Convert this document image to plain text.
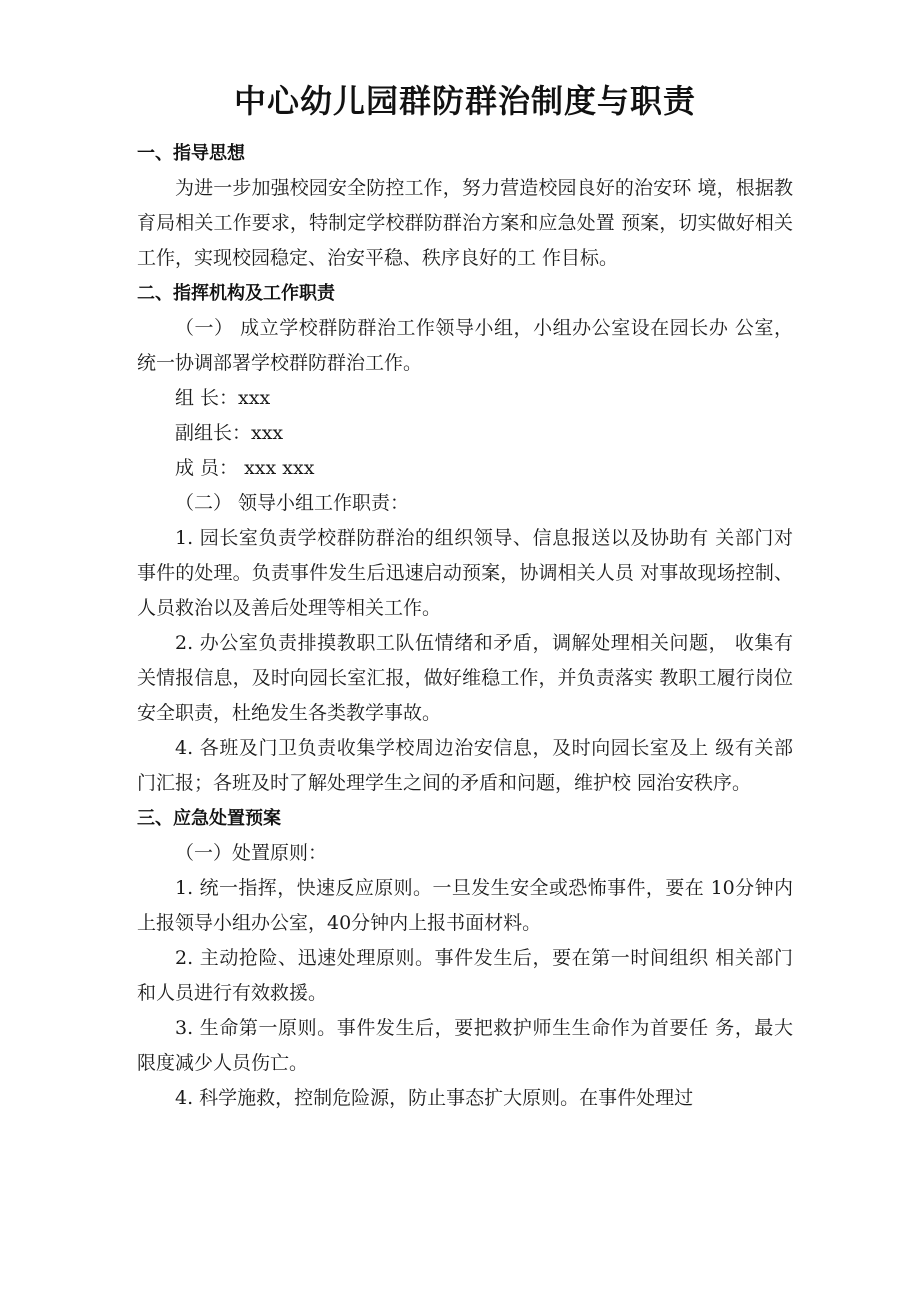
中心幼儿园群防群治制度与职责
一、指导思想

为进一步加强校园安全防控工作，努力营造校园良好的治安环 境，根据教育局相关工作要求，特制定学校群防群治方案和应急处置 预案，切实做好相关工作，实现校园稳定、治安平稳、秩序良好的工 作目标。

二、指挥机构及工作职责

（一） 成立学校群防群治工作领导小组，小组办公室设在园长办 公室，统一协调部署学校群防群治工作。

组 长：xxx

副组长：xxx

成 员： xxx xxx

（二） 领导小组工作职责：

1. 园长室负责学校群防群治的组织领导、信息报送以及协助有 关部门对事件的处理。负责事件发生后迅速启动预案，协调相关人员 对事故现场控制、人员救治以及善后处理等相关工作。

2. 办公室负责排摸教职工队伍情绪和矛盾，调解处理相关问题， 收集有关情报信息，及时向园长室汇报，做好维稳工作，并负责落实 教职工履行岗位安全职责，杜绝发生各类教学事故。

4. 各班及门卫负责收集学校周边治安信息，及时向园长室及上 级有关部门汇报；各班及时了解处理学生之间的矛盾和问题，维护校 园治安秩序。

三、应急处置预案

（一）处置原则：

1. 统一指挥，快速反应原则。一旦发生安全或恐怖事件，要在 10分钟内上报领导小组办公室，40分钟内上报书面材料。

2. 主动抢险、迅速处理原则。事件发生后，要在第一时间组织 相关部门和人员进行有效救援。

3. 生命第一原则。事件发生后，要把救护师生生命作为首要任 务，最大限度减少人员伤亡。

4. 科学施救，控制危险源，防止事态扩大原则。在事件处理过
